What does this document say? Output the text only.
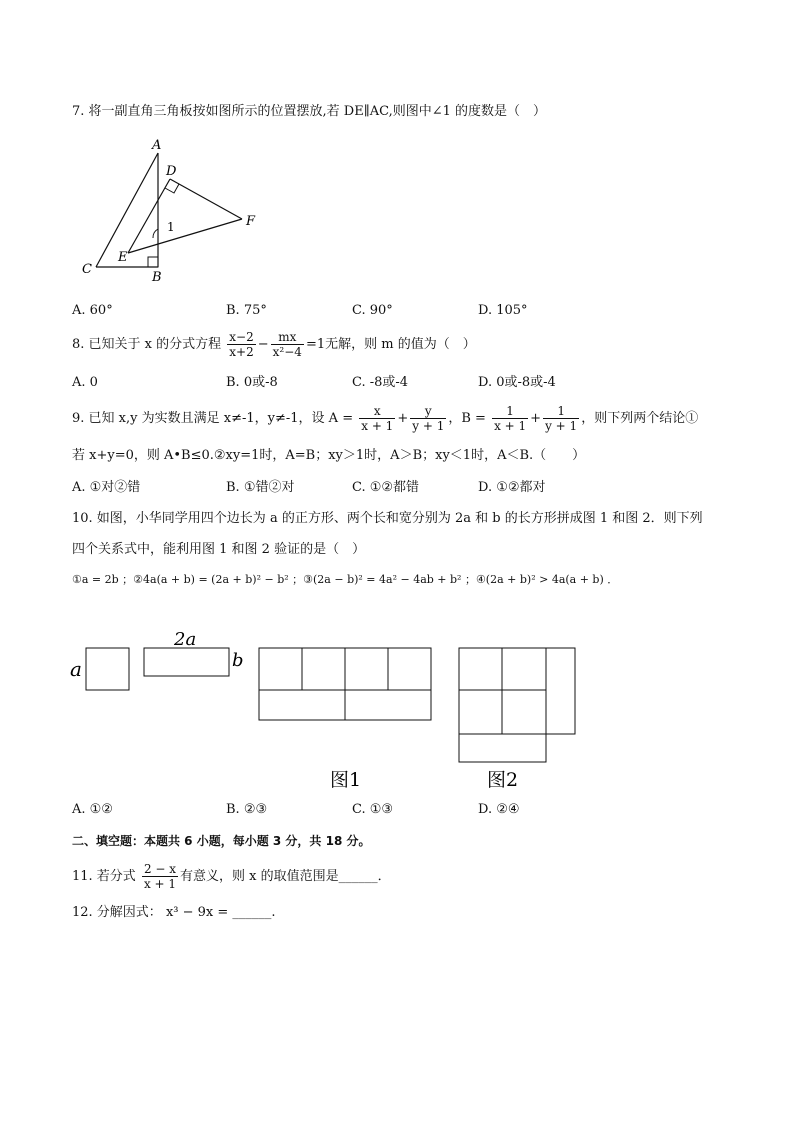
7. 将一副直角三角板按如图所示的位置摆放,若 DE∥AC,则图中∠1 的度数是（　）
A
D
F
E
C
B
1
A. 60°	B. 75°	C. 90°	D. 105°
8. 已知关于 x 的分式方程 $\frac{x-2}{x+2} - \frac{mx}{\text{x²−4}} =1$无解，则 m 的值为（　）
A. 0	B. 0或-8	C. -8或-4	D. 0或-8或-4
9. 已知 x,y 为实数且满足 x≠-1，y≠-1，设 $A = \frac{x}{x + 1} + \frac{y}{y + 1}$ ，$B = \frac{1}{x + 1} + \frac{1}{y + 1}$ ，则下列两个结论①
若 x+y=0，则 A•B≤0.②xy=1时，A=B；xy＞1时，A＞B；xy＜1时，A＜B.（　　）
A. ①对②错	B. ①错②对	C. ①②都错	D. ①②都对
10. 如图，小华同学用四个边长为 a 的正方形、两个长和宽分别为 2a 和 b 的长方形拼成图 1 和图 2．则下列
四个关系式中，能利用图 1 和图 2 验证的是（　）
①a = 2b ；②4a(a + b) = (2a + b)² − b² ；③(2a − b)² = 4a² − 4ab + b² ；④(2a + b)² > 4a(a + b) ．
a
2a
b
图1	图2
A. ①②	B. ②③	C. ①③	D. ②④
二、填空题：本题共 6 小题，每小题 3 分，共 18 分。
11. 若分式 $\frac{2 - x}{x + 1}$ 有意义，则 x 的取值范围是______．
12. 分解因式： x³ − 9x = ______.
